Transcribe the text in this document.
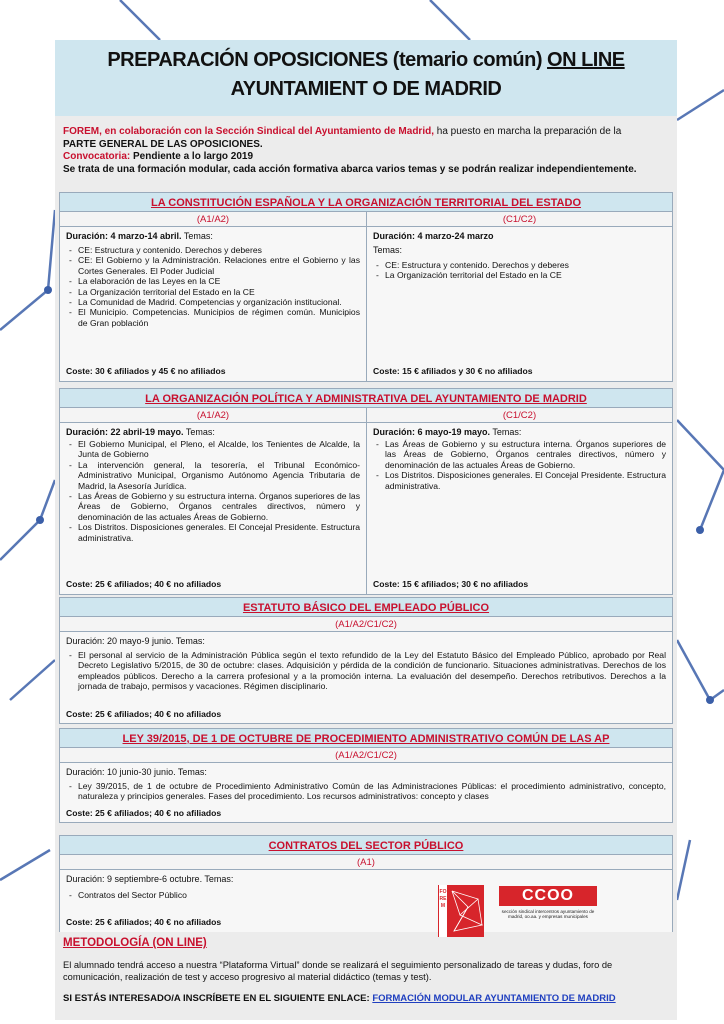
PREPARACIÓN OPOSICIONES (temario común) ON LINE
AYUNTAMIENT O DE MADRID
FOREM, en colaboración con la Sección Sindical del Ayuntamiento de Madrid, ha puesto en marcha la preparación de la
PARTE GENERAL DE LAS OPOSICIONES.
Convocatoria: Pendiente a lo largo 2019
Se trata de una formación modular, cada acción formativa abarca varios temas y se podrán realizar independientemente.
LA CONSTITUCIÓN ESPAÑOLA Y LA ORGANIZACIÓN TERRITORIAL DEL ESTADO
(A1/A2)	(C1/C2)
Duración: 4 marzo-14 abril. Temas:
- CE: Estructura y contenido. Derechos y deberes
- CE: El Gobierno y la Administración. Relaciones entre el Gobierno y las Cortes Generales. El Poder Judicial
- La elaboración de las Leyes en la CE
- La Organización territorial del Estado en la CE
- La Comunidad de Madrid. Competencias y organización institucional.
- El Municipio. Competencias. Municipios de régimen común. Municipios de Gran población
Coste: 30 € afiliados y 45 € no afiliados
Duración: 4 marzo-24 marzo
Temas:
- CE: Estructura y contenido. Derechos y deberes
- La Organización territorial del Estado en la CE
Coste: 15 € afiliados y 30 € no afiliados
LA ORGANIZACIÓN POLÍTICA Y ADMINISTRATIVA DEL AYUNTAMIENTO DE MADRID
(A1/A2)	(C1/C2)
Duración: 22 abril-19 mayo. Temas:
- El Gobierno Municipal, el Pleno, el Alcalde, los Tenientes de Alcalde, la Junta de Gobierno
- La intervención general, la tesorería, el Tribunal Económico-Administrativo Municipal, Organismo Autónomo Agencia Tributaria de Madrid, la Asesoría Jurídica.
- Las Áreas de Gobierno y su estructura interna. Órganos superiores de las Áreas de Gobierno, Órganos centrales directivos, número y denominación de las actuales Áreas de Gobierno.
- Los Distritos. Disposiciones generales. El Concejal Presidente. Estructura administrativa.
Coste: 25 € afiliados; 40 € no afiliados
Duración: 6 mayo-19 mayo. Temas:
- Las Áreas de Gobierno y su estructura interna. Órganos superiores de las Áreas de Gobierno, Órganos centrales directivos, número y denominación de las actuales Áreas de Gobierno.
- Los Distritos. Disposiciones generales. El Concejal Presidente. Estructura administrativa.
Coste: 15 € afiliados; 30 € no afiliados
ESTATUTO BÁSICO DEL EMPLEADO PÚBLICO
(A1/A2/C1/C2)
Duración: 20 mayo-9 junio. Temas:
- El personal al servicio de la Administración Pública según el texto refundido de la Ley del Estatuto Básico del Empleado Público, aprobado por Real Decreto Legislativo 5/2015, de 30 de octubre: clases. Adquisición y pérdida de la condición de funcionario. Situaciones administrativas. Derechos de los empleados públicos. Derecho a la carrera profesional y a la promoción interna. La evaluación del desempeño. Derechos retributivos. Derechos a la jornada de trabajo, permisos y vacaciones. Régimen disciplinario.
Coste: 25 € afiliados; 40 € no afiliados
LEY 39/2015, DE 1 DE OCTUBRE DE PROCEDIMIENTO ADMINISTRATIVO COMÚN DE LAS AP
(A1/A2/C1/C2)
Duración: 10 junio-30 junio. Temas:
- Ley 39/2015, de 1 de octubre de Procedimiento Administrativo Común de las Administraciones Públicas: el procedimiento administrativo, concepto, naturaleza y principios generales. Fases del procedimiento. Los recursos administrativos: concepto y clases
Coste: 25 € afiliados; 40 € no afiliados
CONTRATOS DEL SECTOR PÚBLICO
(A1)
Duración: 9 septiembre-6 octubre. Temas:
- Contratos del Sector Público
Coste: 25 € afiliados; 40 € no afiliados
FOREM
CCOO
sección sindical intercentros ayuntamiento de madrid, oo.aa. y empresas municipales
METODOLOGÍA (ON LINE)
El alumnado tendrá acceso a nuestra “Plataforma Virtual” donde se realizará el seguimiento personalizado de tareas y dudas, foro de comunicación, realización de test y acceso progresivo al material didáctico (temas y test).
SI ESTÁS INTERESADO/A INSCRÍBETE EN EL SIGUIENTE ENLACE: FORMACIÓN MODULAR AYUNTAMIENTO DE MADRID
